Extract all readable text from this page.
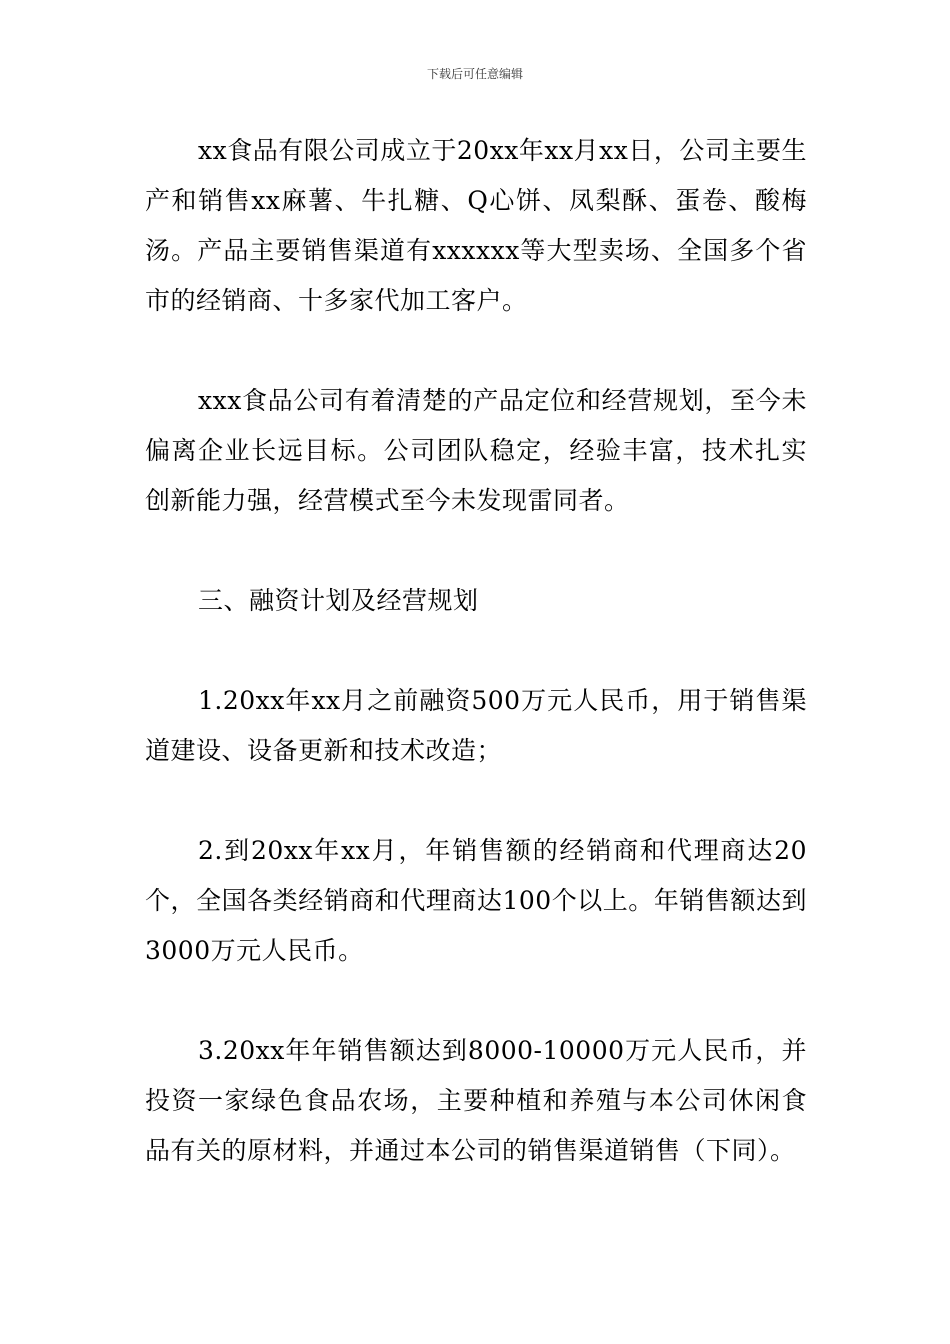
下载后可任意编辑

xx食品有限公司成立于20xx年xx月xx日，公司主要生产和销售xx麻薯、牛扎糖、Q心饼、凤梨酥、蛋卷、酸梅汤。产品主要销售渠道有xxxxxx等大型卖场、全国多个省市的经销商、十多家代加工客户。

xxx食品公司有着清楚的产品定位和经营规划，至今未偏离企业长远目标。公司团队稳定，经验丰富，技术扎实创新能力强，经营模式至今未发现雷同者。

三、融资计划及经营规划

1.20xx年xx月之前融资500万元人民币，用于销售渠道建设、设备更新和技术改造；

2.到20xx年xx月，年销售额的经销商和代理商达20个，全国各类经销商和代理商达100个以上。年销售额达到3000万元人民币。

3.20xx年年销售额达到8000-10000万元人民币，并投资一家绿色食品农场，主要种植和养殖与本公司休闲食品有关的原材料，并通过本公司的销售渠道销售（下同）。
